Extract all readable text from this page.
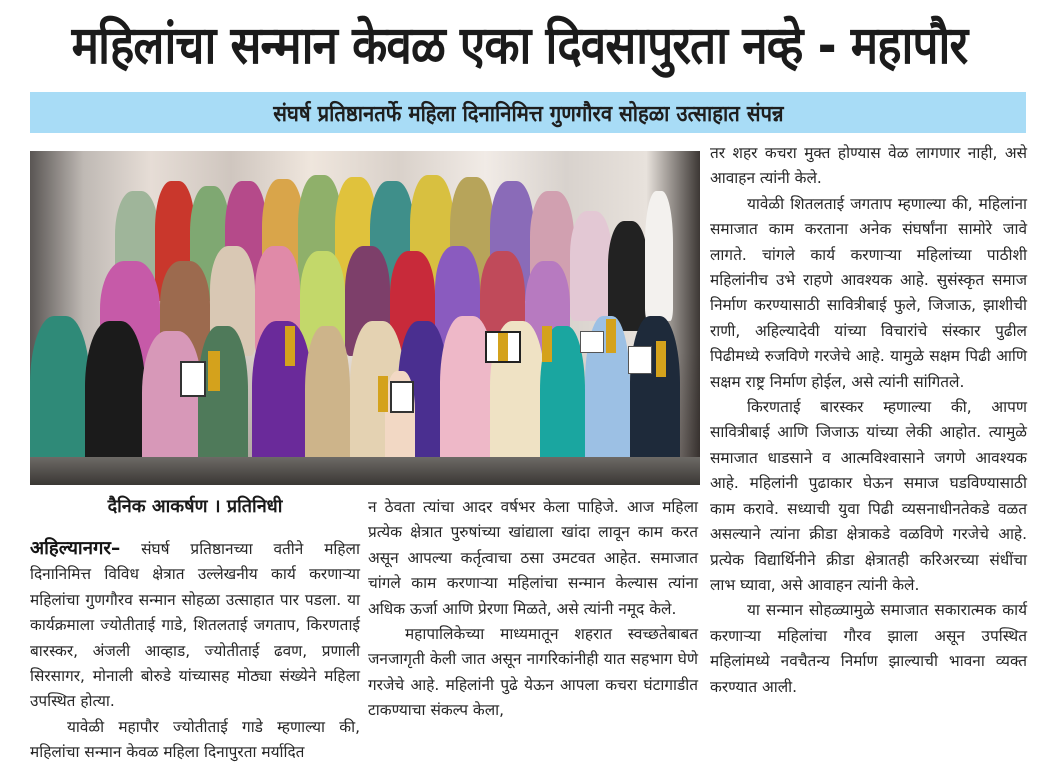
महिलांचा सन्मान केवळ एका दिवसापुरता नव्हे - महापौर
संघर्ष प्रतिष्ठानतर्फे महिला दिनानिमित्त गुणगौरव सोहळा उत्साहात संपन्न
दैनिक आकर्षण । प्रतिनिधी

अहिल्यानगर– संघर्ष प्रतिष्ठानच्या वतीने महिला दिनानिमित्त विविध क्षेत्रात उल्लेखनीय कार्य करणाऱ्या महिलांचा गुणगौरव सन्मान सोहळा उत्साहात पार पडला. या कार्यक्रमाला ज्योतीताई गाडे, शितलताई जगताप, किरणताई बारस्कर, अंजली आव्हाड, ज्योतीताई ढवण, प्रणाली सिरसागर, मोनाली बोरुडे यांच्यासह मोठ्या संख्येने महिला उपस्थित होत्या.

यावेळी महापौर ज्योतीताई गाडे म्हणाल्या की, महिलांचा सन्मान केवळ महिला दिनापुरता मर्यादित

न ठेवता त्यांचा आदर वर्षभर केला पाहिजे. आज महिला प्रत्येक क्षेत्रात पुरुषांच्या खांद्याला खांदा लावून काम करत असून आपल्या कर्तृत्वाचा ठसा उमटवत आहेत. समाजात चांगले काम करणाऱ्या महिलांचा सन्मान केल्यास त्यांना अधिक ऊर्जा आणि प्रेरणा मिळते, असे त्यांनी नमूद केले.

महापालिकेच्या माध्यमातून शहरात स्वच्छतेबाबत जनजागृती केली जात असून नागरिकांनीही यात सहभाग घेणे गरजेचे आहे. महिलांनी पुढे येऊन आपला कचरा घंटागाडीत टाकण्याचा संकल्प केला,

तर शहर कचरा मुक्त होण्यास वेळ लागणार नाही, असे आवाहन त्यांनी केले.

यावेळी शितलताई जगताप म्हणाल्या की, महिलांना समाजात काम करताना अनेक संघर्षांना सामोरे जावे लागते. चांगले कार्य करणाऱ्या महिलांच्या पाठीशी महिलांनीच उभे राहणे आवश्यक आहे. सुसंस्कृत समाज निर्माण करण्यासाठी सावित्रीबाई फुले, जिजाऊ, झाशीची राणी, अहिल्यादेवी यांच्या विचारांचे संस्कार पुढील पिढीमध्ये रुजविणे गरजेचे आहे. यामुळे सक्षम पिढी आणि सक्षम राष्ट्र निर्माण होईल, असे त्यांनी सांगितले.

किरणताई बारस्कर म्हणाल्या की, आपण सावित्रीबाई आणि जिजाऊ यांच्या लेकी आहोत. त्यामुळे समाजात धाडसाने व आत्मविश्वासाने जगणे आवश्यक आहे. महिलांनी पुढाकार घेऊन समाज घडविण्यासाठी काम करावे. सध्याची युवा पिढी व्यसनाधीनतेकडे वळत असल्याने त्यांना क्रीडा क्षेत्राकडे वळविणे गरजेचे आहे. प्रत्येक विद्यार्थिनीने क्रीडा क्षेत्रातही करिअरच्या संधींचा लाभ घ्यावा, असे आवाहन त्यांनी केले.

या सन्मान सोहळ्यामुळे समाजात सकारात्मक कार्य करणाऱ्या महिलांचा गौरव झाला असून उपस्थित महिलांमध्ये नवचैतन्य निर्माण झाल्याची भावना व्यक्त करण्यात आली.
